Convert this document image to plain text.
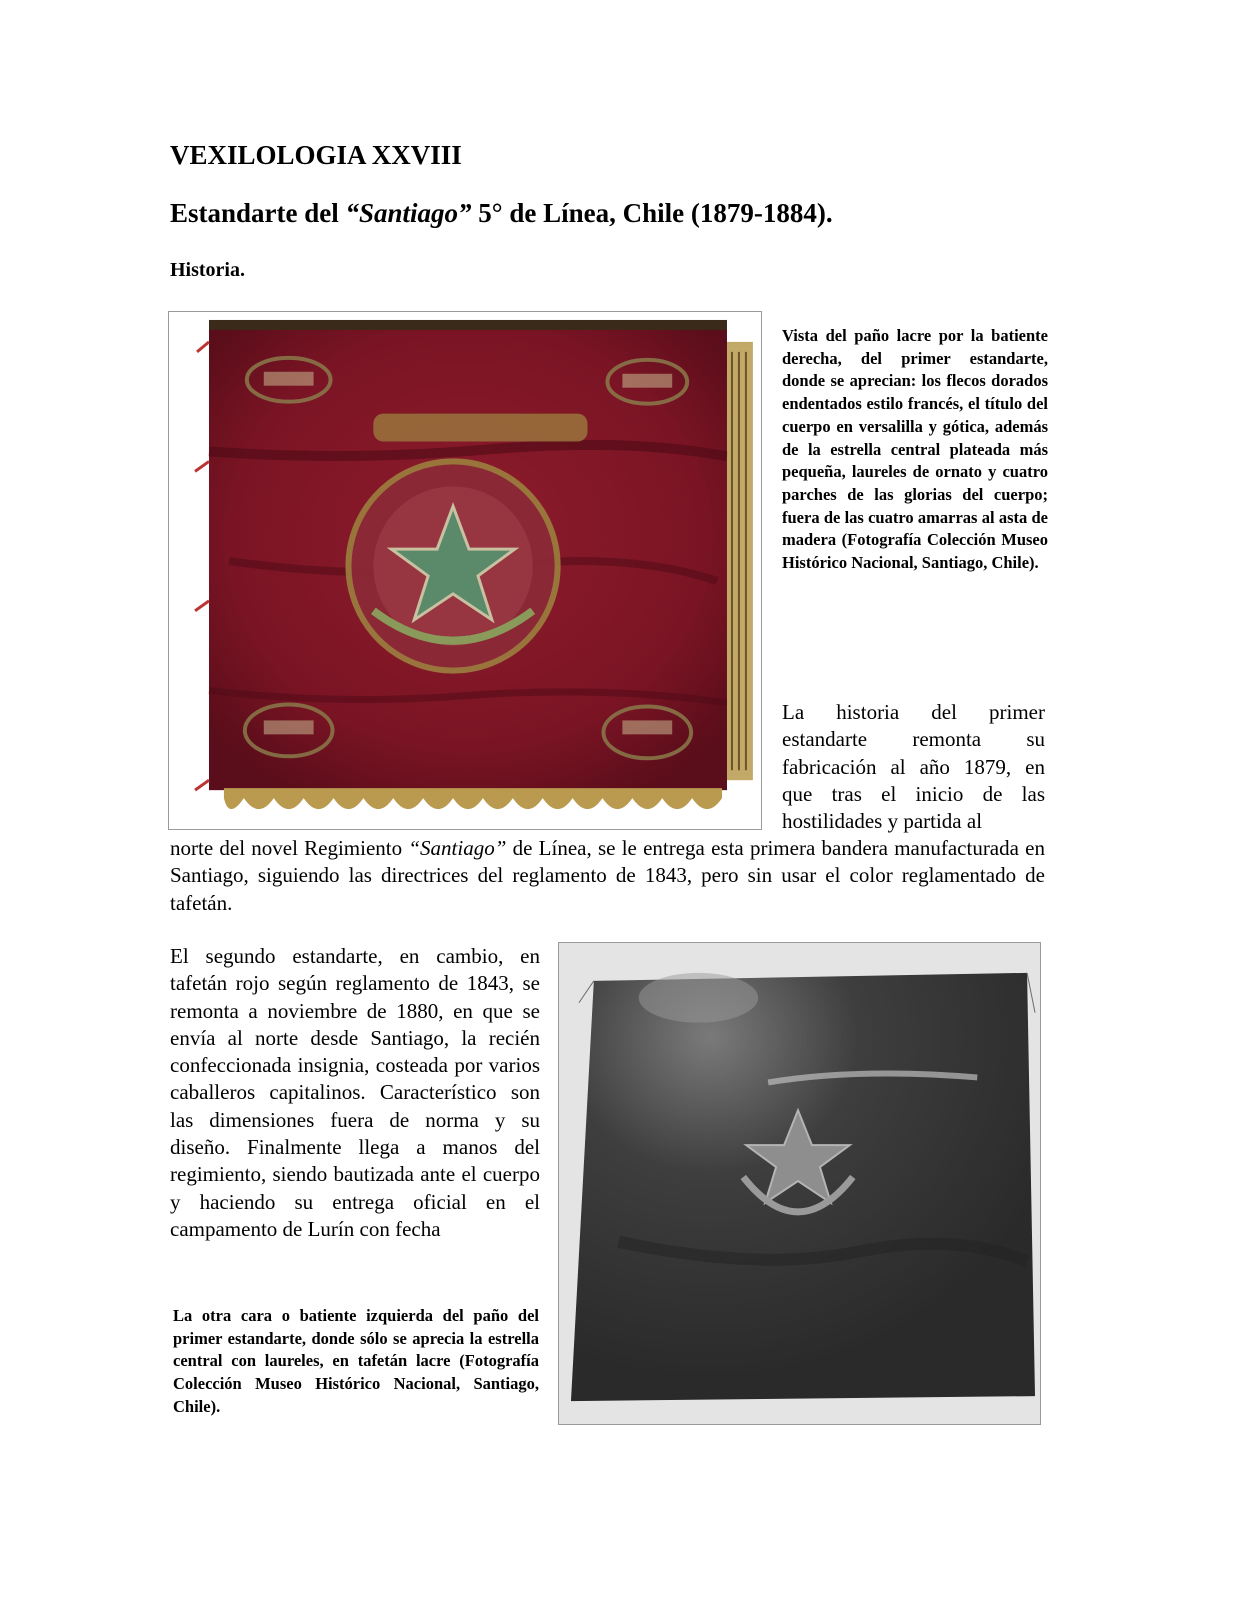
VEXILOLOGIA XXVIII
Estandarte del “Santiago” 5° de Línea, Chile (1879-1884).
Historia.

Vista del paño lacre por la batiente derecha, del primer estandarte, donde se aprecian: los flecos dorados endentados estilo francés, el título del cuerpo en versalilla y gótica, además de la estrella central plateada más pequeña, laureles de ornato y cuatro parches de las glorias del cuerpo; fuera de las cuatro amarras al asta de madera (Fotografía Colección Museo Histórico Nacional, Santiago, Chile).

La historia del primer estandarte remonta su fabricación al año 1879, en que tras el inicio de las hostilidades y partida al

norte del novel Regimiento “Santiago” de Línea, se le entrega esta primera bandera manufacturada en Santiago, siguiendo las directrices del reglamento de 1843, pero sin usar el color reglamentado de tafetán.

El segundo estandarte, en cambio, en tafetán rojo según reglamento de 1843, se remonta a noviembre de 1880, en que se envía al norte desde Santiago, la recién confeccionada insignia, costeada por varios caballeros capitalinos. Característico son las dimensiones fuera de norma y su diseño. Finalmente llega a manos del regimiento, siendo bautizada ante el cuerpo y haciendo su entrega oficial en el campamento de Lurín con fecha

La otra cara o batiente izquierda del paño del primer estandarte, donde sólo se aprecia la estrella central con laureles, en tafetán lacre (Fotografía Colección Museo Histórico Nacional, Santiago, Chile).
